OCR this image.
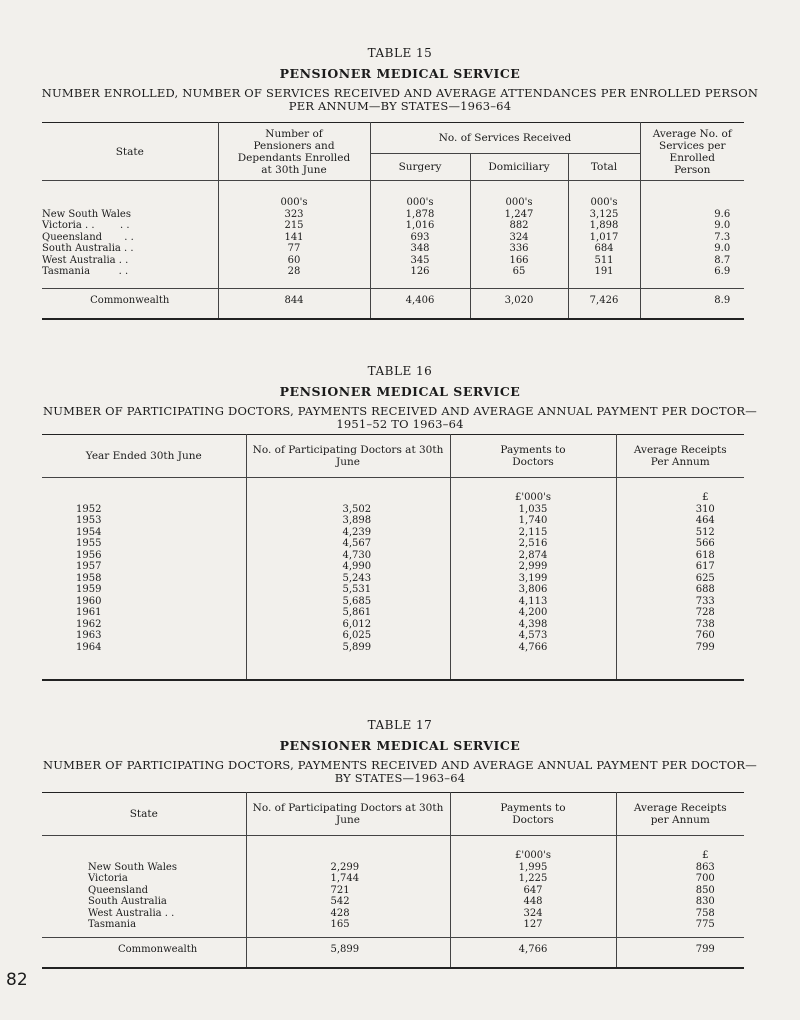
TABLE 15

PENSIONER MEDICAL SERVICE

NUMBER ENROLLED, NUMBER OF SERVICES RECEIVED AND AVERAGE ATTENDANCES PER ENROLLED PERSON PER ANNUM—BY STATES—1963–64

State	Number of Pensioners and Dependants Enrolled at 30th June	No. of Services Received			Average No. of Services per Enrolled Person
		Surgery	Domiciliary	Total	
	000's	000's	000's	000's	
New South Wales	323	1,878	1,247	3,125	9.6
Victoria . .        . .	215	1,016	882	1,898	9.0
Queensland       . .	141	693	324	1,017	7.3
South Australia . .	77	348	336	684	9.0
West Australia . .	60	345	166	511	8.7
Tasmania         . .	28	126	65	191	6.9

Commonwealth	844	4,406	3,020	7,426	8.9

TABLE 16

PENSIONER MEDICAL SERVICE

NUMBER OF PARTICIPATING DOCTORS, PAYMENTS RECEIVED AND AVERAGE ANNUAL PAYMENT PER DOCTOR—1951–52 TO 1963–64

Year Ended 30th June	No. of Participating Doctors at 30th June	Payments to Doctors	Average Receipts Per Annum
		£'000's	£
1952	3,502	1,035	310
1953	3,898	1,740	464
1954	4,239	2,115	512
1955	4,567	2,516	566
1956	4,730	2,874	618
1957	4,990	2,999	617
1958	5,243	3,199	625
1959	5,531	3,806	688
1960	5,685	4,113	733
1961	5,861	4,200	728
1962	6,012	4,398	738
1963	6,025	4,573	760
1964	5,899	4,766	799

TABLE 17

PENSIONER MEDICAL SERVICE

NUMBER OF PARTICIPATING DOCTORS, PAYMENTS RECEIVED AND AVERAGE ANNUAL PAYMENT PER DOCTOR—BY STATES—1963–64

State	No. of Participating Doctors at 30th June	Payments to Doctors	Average Receipts per Annum
		£'000's	£
New South Wales	2,299	1,995	863
Victoria	1,744	1,225	700
Queensland	721	647	850
South Australia	542	448	830
West Australia . .	428	324	758
Tasmania	165	127	775

Commonwealth	5,899	4,766	799
82
